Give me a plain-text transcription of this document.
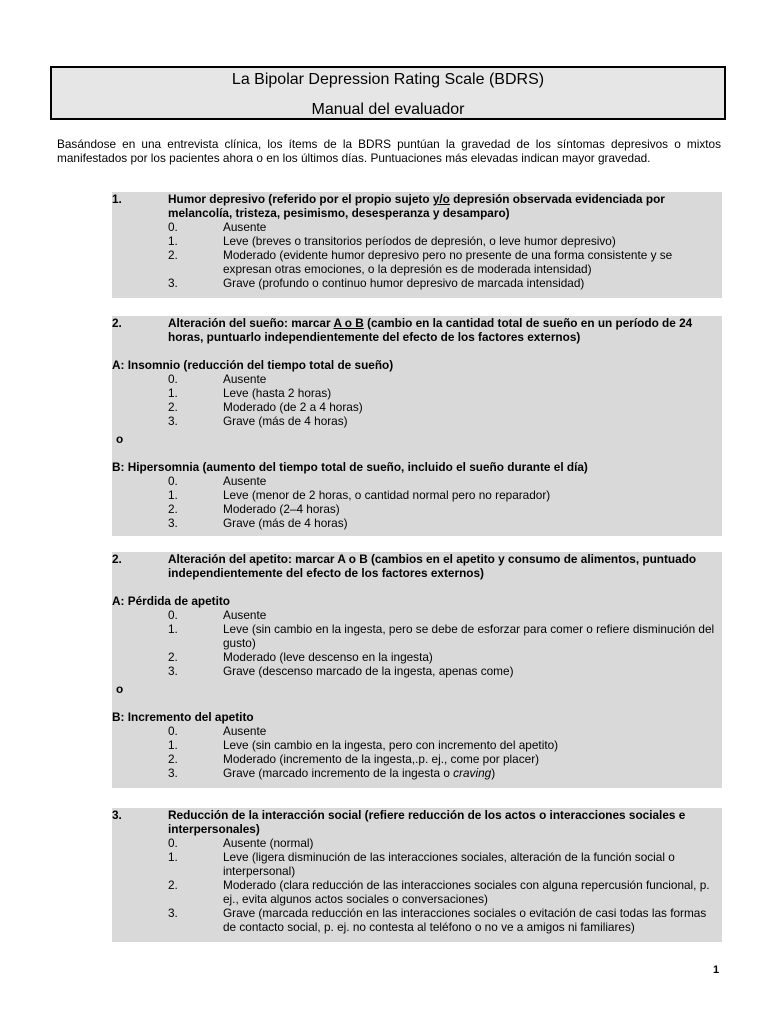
La Bipolar Depression Rating Scale (BDRS)
Manual del evaluador
Basándose en una entrevista clínica, los ítems de la BDRS puntúan la gravedad de los síntomas depresivos o mixtos manifestados por los pacientes ahora o en los últimos días. Puntuaciones más elevadas indican mayor gravedad.
1.	Humor depresivo (referido por el propio sujeto y/o depresión observada evidenciada por melancolía, tristeza, pesimismo, desesperanza y desamparo)
0.	Ausente
1.	Leve (breves o transitorios períodos de depresión, o leve humor depresivo)
2.	Moderado (evidente humor depresivo pero no presente de una forma consistente y se expresan otras emociones, o la depresión es de moderada intensidad)
3.	Grave (profundo o continuo humor depresivo de marcada intensidad)
2.	Alteración del sueño: marcar A o B (cambio en la cantidad total de sueño en un período de 24 horas, puntuarlo independientemente del efecto de los factores externos)
A: Insomnio (reducción del tiempo total de sueño)
0.	Ausente
1.	Leve (hasta 2 horas)
2.	Moderado (de 2 a 4 horas)
3.	Grave (más de 4 horas)
o
B: Hipersomnia (aumento del tiempo total de sueño, incluido el sueño durante el día)
0.	Ausente
1.	Leve (menor de 2 horas, o cantidad normal pero no reparador)
2.	Moderado (2–4 horas)
3.	Grave (más de 4 horas)
2.	Alteración del apetito: marcar A o B (cambios en el apetito y consumo de alimentos, puntuado independientemente del efecto de los factores externos)
A: Pérdida de apetito
0.	Ausente
1.	Leve (sin cambio en la ingesta, pero se debe de esforzar para comer o refiere disminución del gusto)
2.	Moderado (leve descenso en la ingesta)
3.	Grave (descenso marcado de la ingesta, apenas come)
o
B: Incremento del apetito
0.	Ausente
1.	Leve (sin cambio en la ingesta, pero con incremento del apetito)
2.	Moderado (incremento de la ingesta,.p. ej., come por placer)
3.	Grave (marcado incremento de la ingesta o craving)
3.	Reducción de la interacción social (refiere reducción de los actos o interacciones sociales e interpersonales)
0.	Ausente (normal)
1.	Leve (ligera disminución de las interacciones sociales, alteración de la función social o interpersonal)
2.	Moderado (clara reducción de las interacciones sociales con alguna repercusión funcional, p. ej., evita algunos actos sociales o conversaciones)
3.	Grave (marcada reducción en las interacciones sociales o evitación de casi todas las formas de contacto social, p. ej. no contesta al teléfono o no ve a amigos ni familiares)
1
